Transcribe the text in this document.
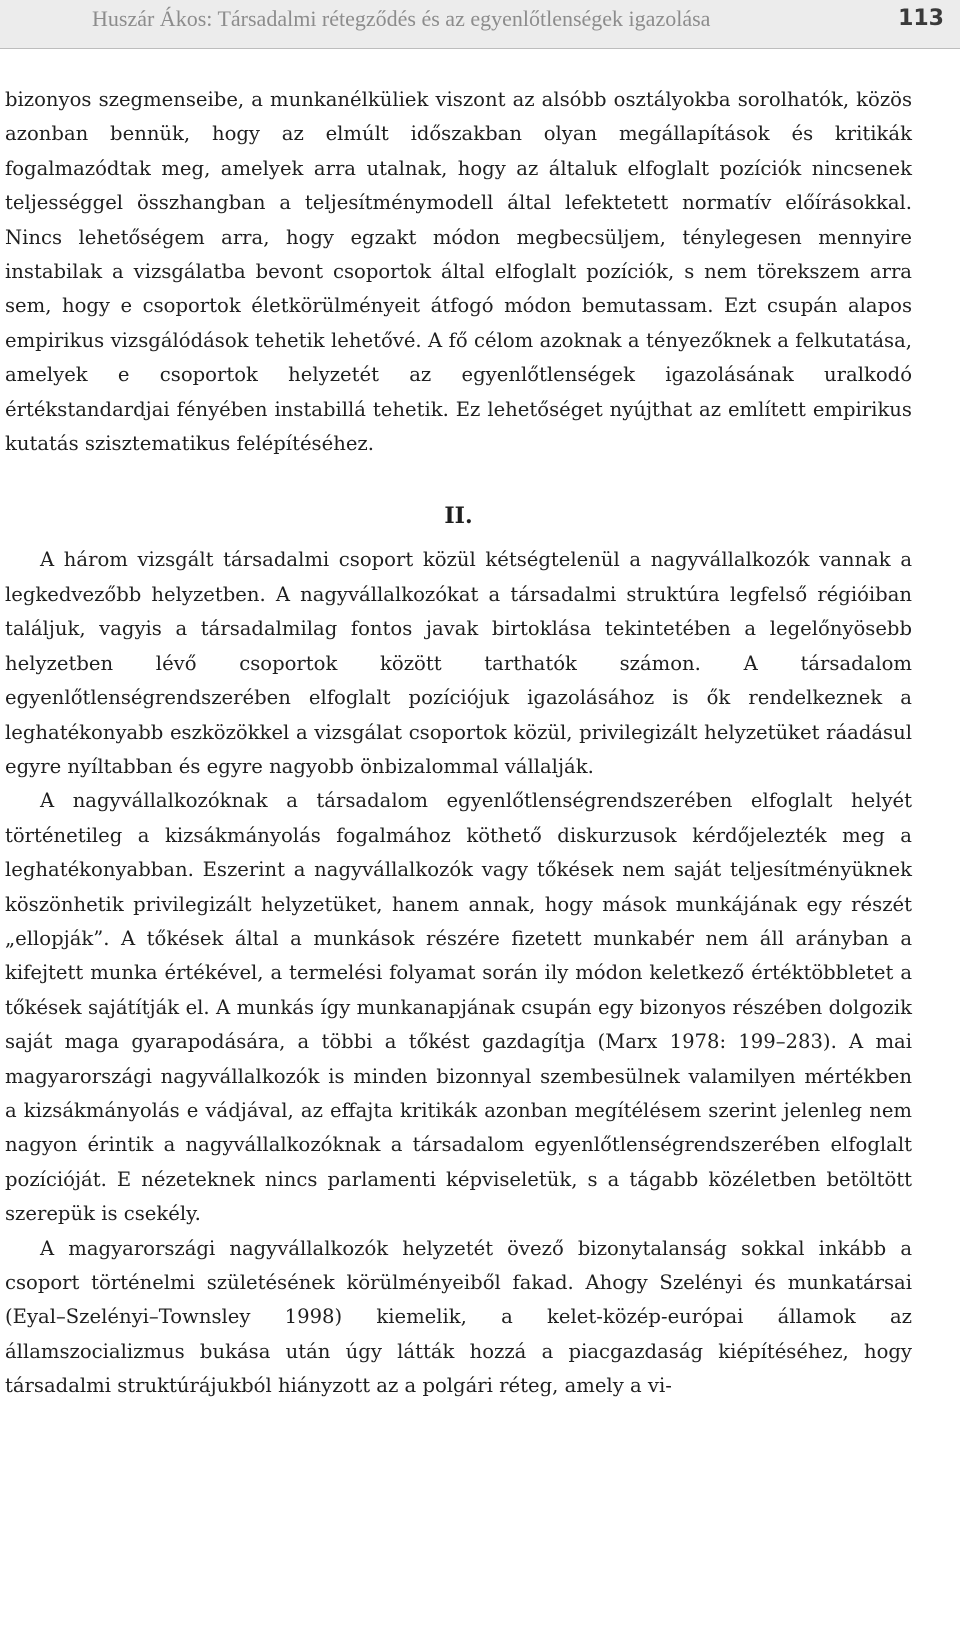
Huszár Ákos: Társadalmi rétegződés és az egyenlőtlenségek igazolása	113

bizonyos szegmenseibe, a munkanélküliek viszont az alsóbb osztályokba sorolhatók, közös azonban bennük, hogy az elmúlt időszakban olyan megállapítások és kritikák fogalmazódtak meg, amelyek arra utalnak, hogy az általuk elfoglalt pozíciók nincsenek teljességgel összhangban a teljesítménymodell által lefektetett normatív előírásokkal. Nincs lehetőségem arra, hogy egzakt módon megbecsüljem, ténylegesen mennyire instabilak a vizsgálatba bevont csoportok által elfoglalt pozíciók, s nem törekszem arra sem, hogy e csoportok életkörülményeit átfogó módon bemutassam. Ezt csupán alapos empirikus vizsgálódások tehetik lehetővé. A fő célom azoknak a tényezőknek a felkutatása, amelyek e csoportok helyzetét az egyenlőtlenségek igazolásának uralkodó értékstandardjai fényében instabillá tehetik. Ez lehetőséget nyújthat az említett empirikus kutatás szisztematikus felépítéséhez.

II.

A három vizsgált társadalmi csoport közül kétségtelenül a nagyvállalkozók vannak a legkedvezőbb helyzetben. A nagyvállalkozókat a társadalmi struktúra legfelső régióiban találjuk, vagyis a társadalmilag fontos javak birtoklása tekintetében a legelőnyösebb helyzetben lévő csoportok között tarthatók számon. A társadalom egyenlőtlenségrendszerében elfoglalt pozíciójuk igazolásához is ők rendelkeznek a leghatékonyabb eszközökkel a vizsgálat csoportok közül, privilegizált helyzetüket ráadásul egyre nyíltabban és egyre nagyobb önbizalommal vállalják.

A nagyvállalkozóknak a társadalom egyenlőtlenségrendszerében elfoglalt helyét történetileg a kizsákmányolás fogalmához köthető diskurzusok kérdőjelezték meg a leghatékonyabban. Eszerint a nagyvállalkozók vagy tőkések nem saját teljesítményüknek köszönhetik privilegizált helyzetüket, hanem annak, hogy mások munkájának egy részét „ellopják”. A tőkések által a munkások részére fizetett munkabér nem áll arányban a kifejtett munka értékével, a termelési folyamat során ily módon keletkező értéktöbbletet a tőkések sajátítják el. A munkás így munkanapjának csupán egy bizonyos részében dolgozik saját maga gyarapodására, a többi a tőkést gazdagítja (Marx 1978: 199–283). A mai magyarországi nagyvállalkozók is minden bizonnyal szembesülnek valamilyen mértékben a kizsákmányolás e vádjával, az effajta kritikák azonban megítélésem szerint jelenleg nem nagyon érintik a nagyvállalkozóknak a társadalom egyenlőtlenségrendszerében elfoglalt pozícióját. E nézeteknek nincs parlamenti képviseletük, s a tágabb közéletben betöltött szerepük is csekély.

A magyarországi nagyvállalkozók helyzetét övező bizonytalanság sokkal inkább a csoport történelmi születésének körülményeiből fakad. Ahogy Szelényi és munkatársai (Eyal–Szelényi–Townsley 1998) kiemelik, a kelet-közép-európai államok az államszocializmus bukása után úgy látták hozzá a piacgazdaság kiépítéséhez, hogy társadalmi struktúrájukból hiányzott az a polgári réteg, amely a vi-
